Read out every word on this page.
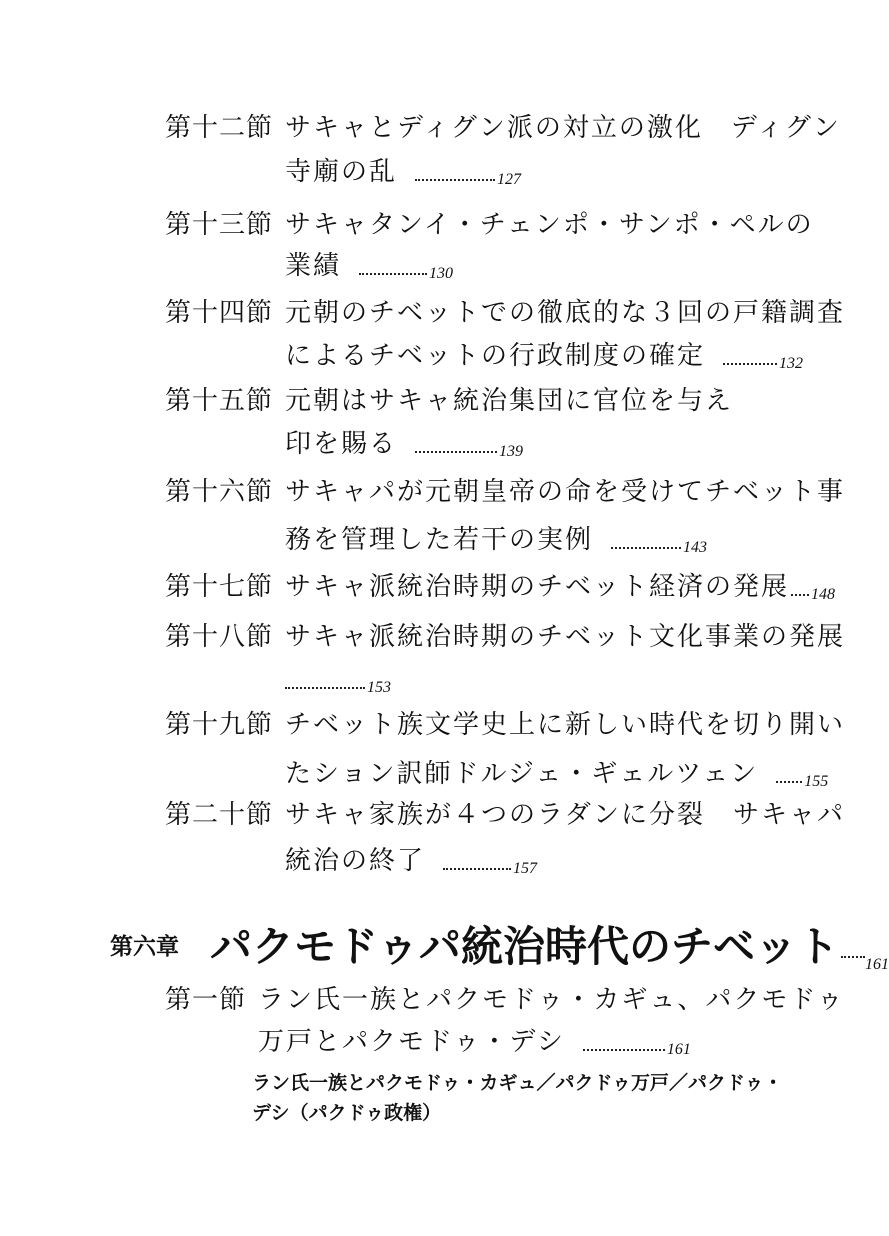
第十二節 サキャとディグン派の対立の激化　ディグン
寺廟の乱	127
第十三節 サキャタンイ・チェンポ・サンポ・ペルの
業績	130
第十四節 元朝のチベットでの徹底的な３回の戸籍調査
によるチベットの行政制度の確定	132
第十五節 元朝はサキャ統治集団に官位を与え
印を賜る	139
第十六節 サキャパが元朝皇帝の命を受けてチベット事
務を管理した若干の実例	143
第十七節 サキャ派統治時期のチベット経済の発展 148
第十八節 サキャ派統治時期のチベット文化事業の発展
153
第十九節 チベット族文学史上に新しい時代を切り開い
たション訳師ドルジェ・ギェルツェン	155
第二十節 サキャ家族が４つのラダンに分裂　サキャパ
統治の終了	157
第六章 パクモドゥパ統治時代のチベット 161
第一節 ラン氏一族とパクモドゥ・カギュ、パクモドゥ
万戸とパクモドゥ・デシ	161
ラン氏一族とパクモドゥ・カギュ／パクドゥ万戸／パクドゥ・
デシ（パクドゥ政権）
